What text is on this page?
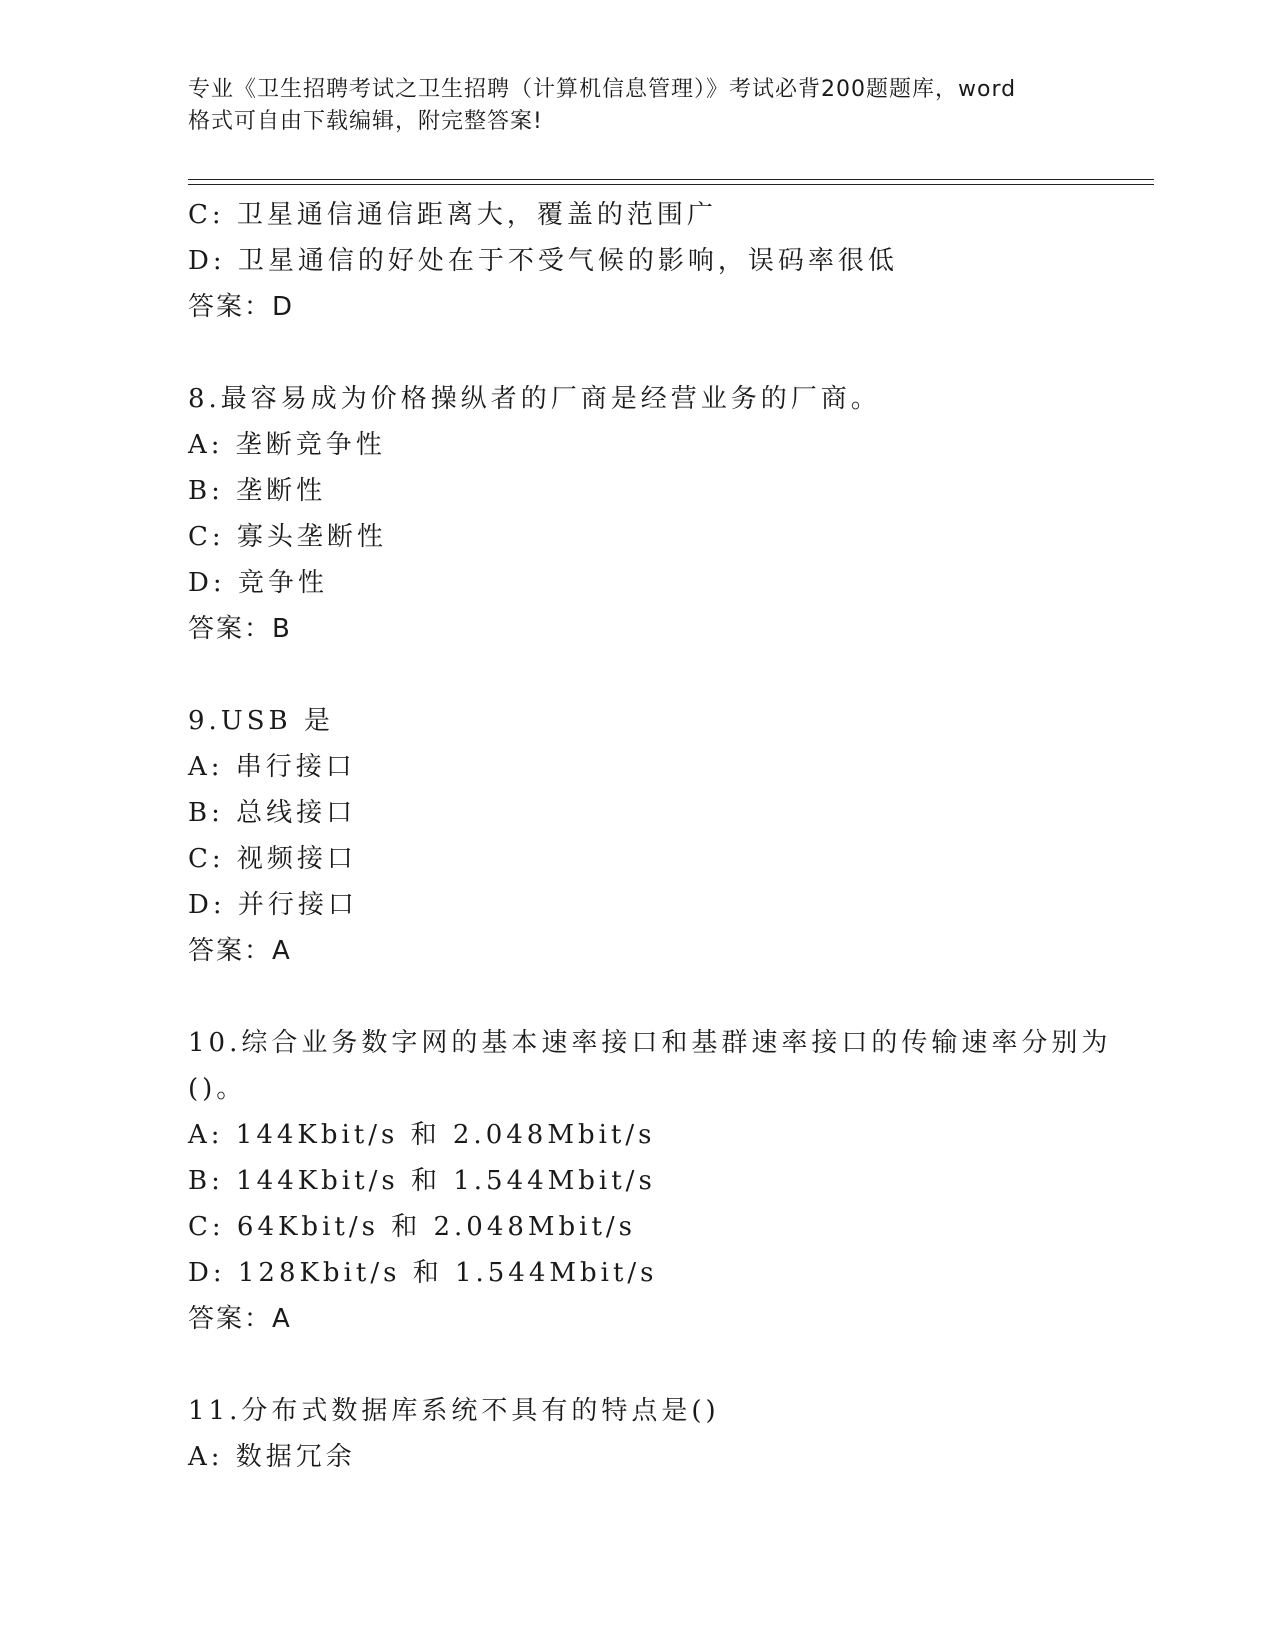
专业《卫生招聘考试之卫生招聘（计算机信息管理）》考试必背200题题库，word
格式可自由下载编辑，附完整答案!
C: 卫星通信通信距离大，覆盖的范围广
D: 卫星通信的好处在于不受气候的影响，误码率很低
答案：D
8.最容易成为价格操纵者的厂商是经营业务的厂商。
A: 垄断竞争性
B: 垄断性
C: 寡头垄断性
D: 竞争性
答案：B
9.USB 是
A: 串行接口
B: 总线接口
C: 视频接口
D: 并行接口
答案：A
10.综合业务数字网的基本速率接口和基群速率接口的传输速率分别为
()。
A: 144Kbit/s 和 2.048Mbit/s
B: 144Kbit/s 和 1.544Mbit/s
C: 64Kbit/s 和 2.048Mbit/s
D: 128Kbit/s 和 1.544Mbit/s
答案：A
11.分布式数据库系统不具有的特点是()
A: 数据冗余
